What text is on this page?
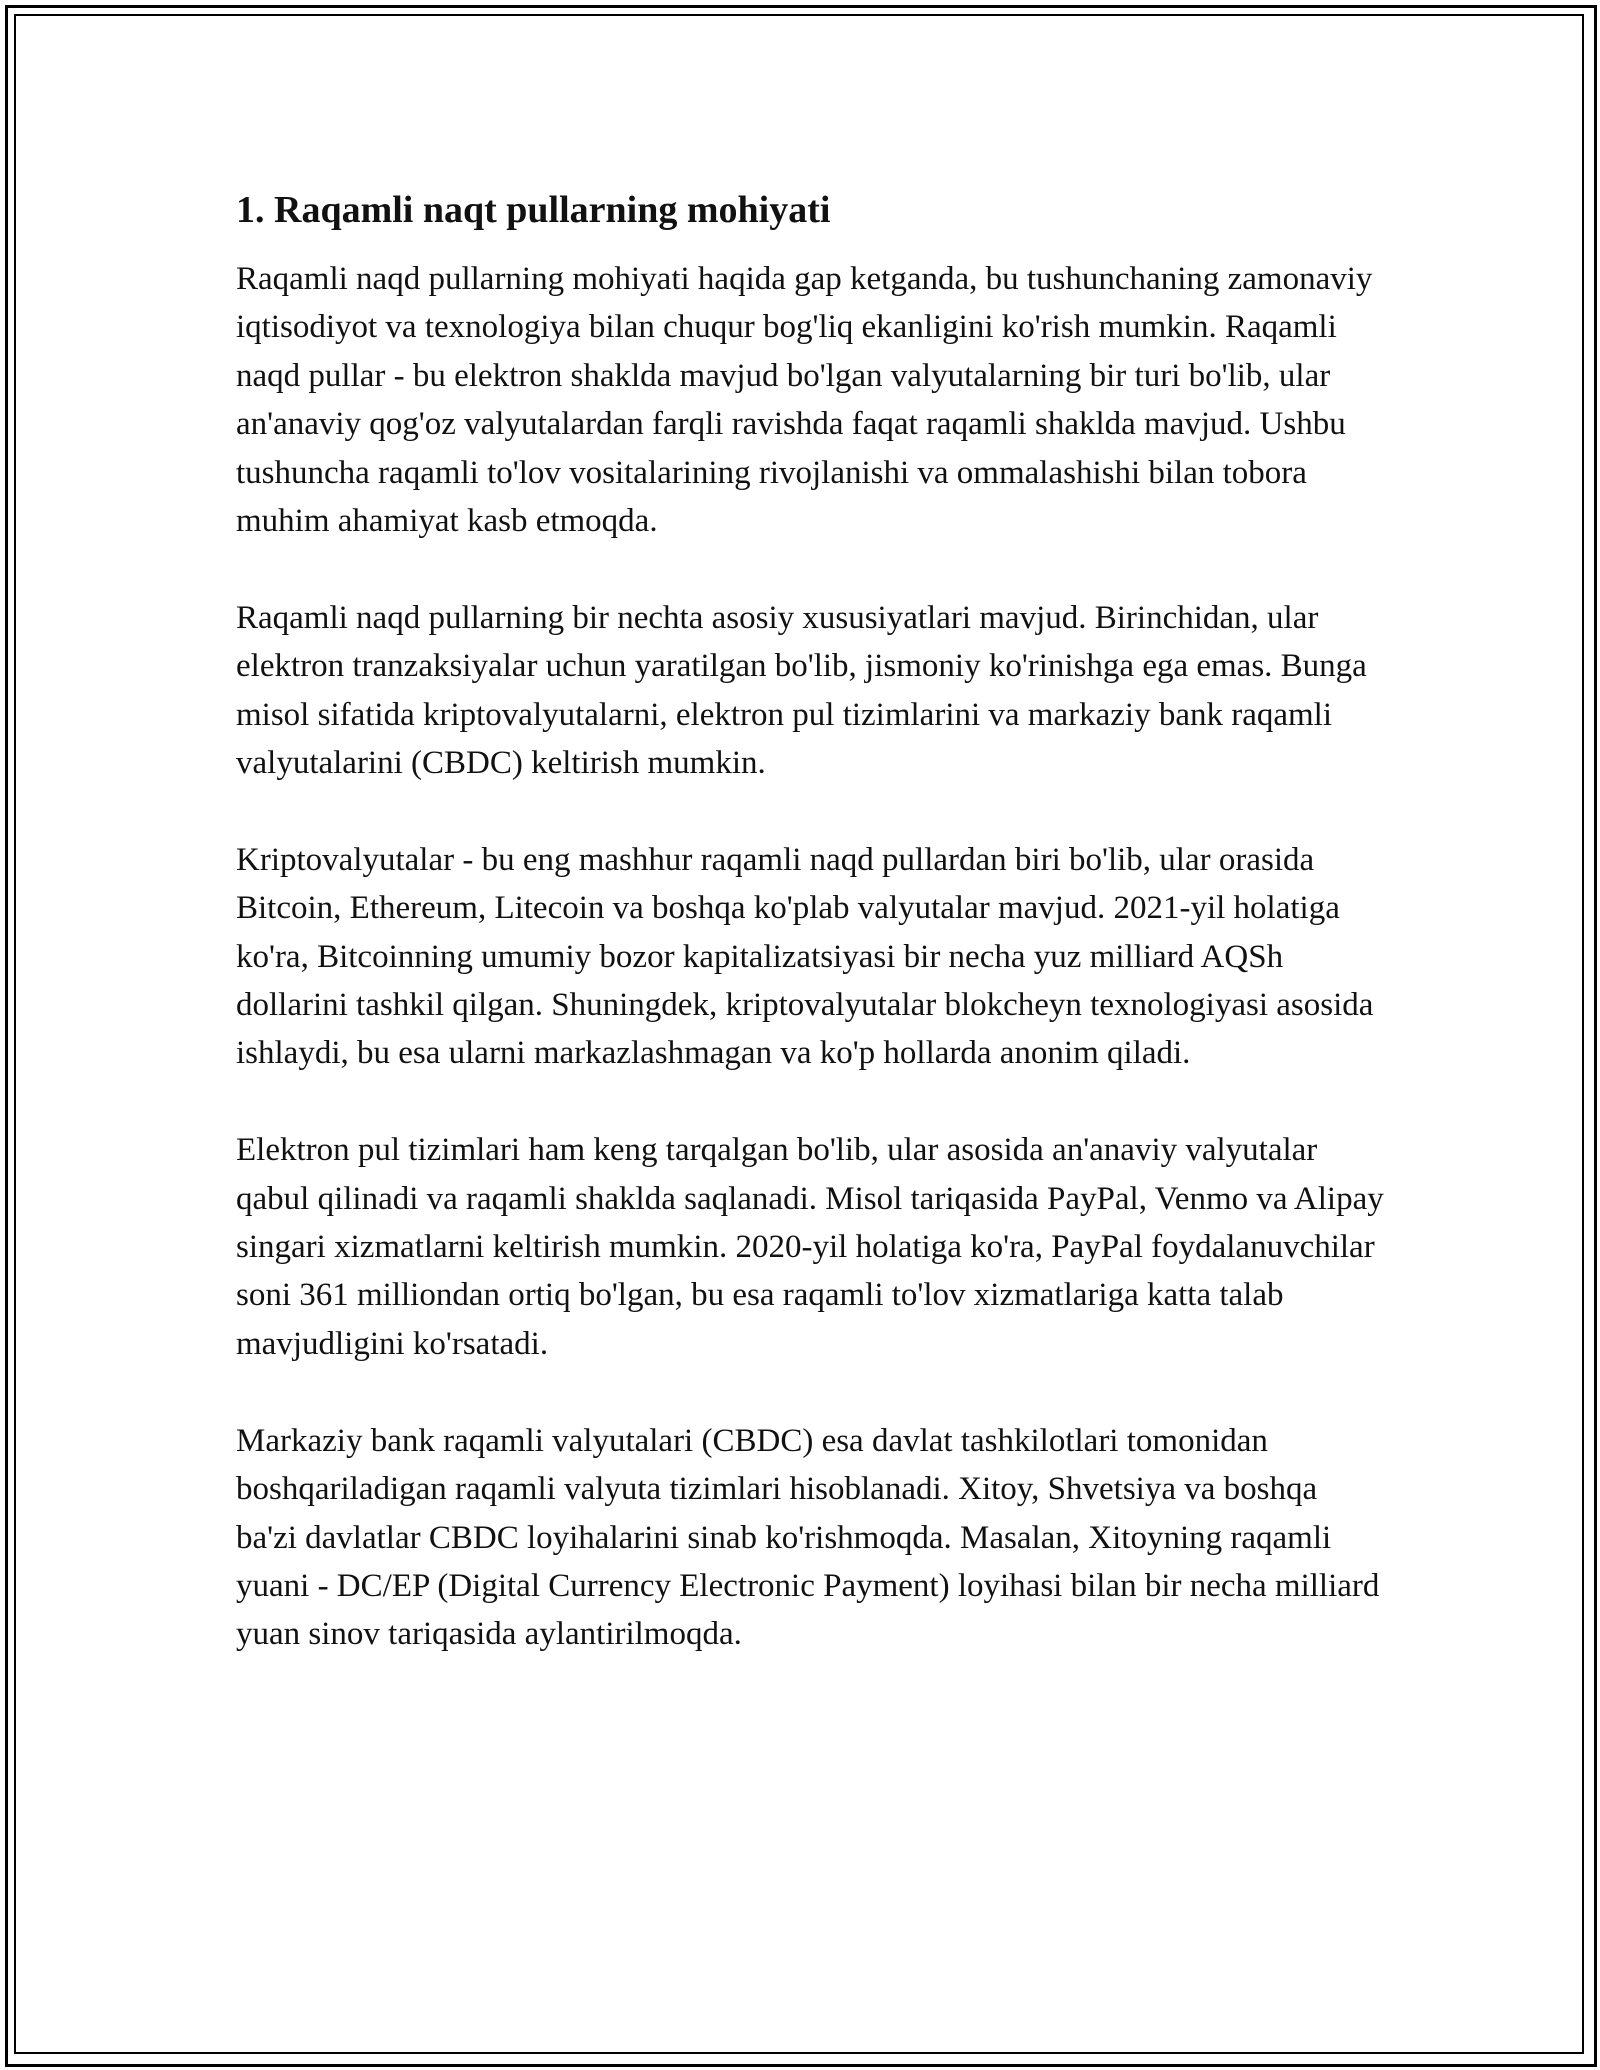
1. Raqamli naqt pullarning mohiyati

Raqamli naqd pullarning mohiyati haqida gap ketganda, bu tushunchaning zamonaviy iqtisodiyot va texnologiya bilan chuqur bog'liq ekanligini ko'rish mumkin. Raqamli naqd pullar - bu elektron shaklda mavjud bo'lgan valyutalarning bir turi bo'lib, ular an'anaviy qog'oz valyutalardan farqli ravishda faqat raqamli shaklda mavjud. Ushbu tushuncha raqamli to'lov vositalarining rivojlanishi va ommalashishi bilan tobora muhim ahamiyat kasb etmoqda.

Raqamli naqd pullarning bir nechta asosiy xususiyatlari mavjud. Birinchidan, ular elektron tranzaksiyalar uchun yaratilgan bo'lib, jismoniy ko'rinishga ega emas. Bunga misol sifatida kriptovalyutalarni, elektron pul tizimlarini va markaziy bank raqamli valyutalarini (CBDC) keltirish mumkin.

Kriptovalyutalar - bu eng mashhur raqamli naqd pullardan biri bo'lib, ular orasida Bitcoin, Ethereum, Litecoin va boshqa ko'plab valyutalar mavjud. 2021-yil holatiga ko'ra, Bitcoinning umumiy bozor kapitalizatsiyasi bir necha yuz milliard AQSh dollarini tashkil qilgan. Shuningdek, kriptovalyutalar blokcheyn texnologiyasi asosida ishlaydi, bu esa ularni markazlashmagan va ko'p hollarda anonim qiladi.

Elektron pul tizimlari ham keng tarqalgan bo'lib, ular asosida an'anaviy valyutalar qabul qilinadi va raqamli shaklda saqlanadi. Misol tariqasida PayPal, Venmo va Alipay singari xizmatlarni keltirish mumkin. 2020-yil holatiga ko'ra, PayPal foydalanuvchilar soni 361 milliondan ortiq bo'lgan, bu esa raqamli to'lov xizmatlariga katta talab mavjudligini ko'rsatadi.

Markaziy bank raqamli valyutalari (CBDC) esa davlat tashkilotlari tomonidan boshqariladigan raqamli valyuta tizimlari hisoblanadi. Xitoy, Shvetsiya va boshqa ba'zi davlatlar CBDC loyihalarini sinab ko'rishmoqda. Masalan, Xitoyning raqamli yuani - DC/EP (Digital Currency Electronic Payment) loyihasi bilan bir necha milliard yuan sinov tariqasida aylantirilmoqda.
